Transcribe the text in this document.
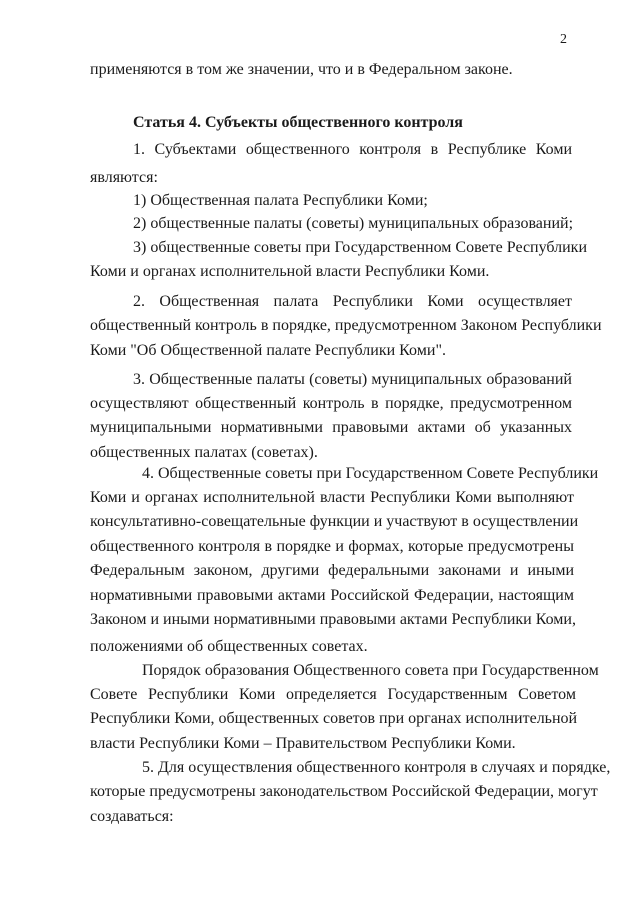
2
применяются в том же значении, что и в Федеральном законе.
Статья 4. Субъекты общественного контроля
1. Субъектами общественного контроля в Республике Коми
являются:
1) Общественная палата Республики Коми;
2) общественные палаты (советы) муниципальных образований;
3) общественные советы при Государственном Совете Республики
Коми и органах исполнительной власти Республики Коми.
2. Общественная палата Республики Коми осуществляет
общественный контроль в порядке, предусмотренном Законом Республики
Коми "Об Общественной палате Республики Коми".
3. Общественные палаты (советы) муниципальных образований
осуществляют общественный контроль в порядке, предусмотренном
муниципальными нормативными правовыми актами об указанных
общественных палатах (советах).
4. Общественные советы при Государственном Совете Республики
Коми и органах исполнительной власти Республики Коми выполняют
консультативно-совещательные функции и участвуют в осуществлении
общественного контроля в порядке и формах, которые предусмотрены
Федеральным законом, другими федеральными законами и иными
нормативными правовыми актами Российской Федерации, настоящим
Законом и иными нормативными правовыми актами Республики Коми,
положениями об общественных советах.
Порядок образования Общественного совета при Государственном
Совете Республики Коми определяется Государственным Советом
Республики Коми, общественных советов при органах исполнительной
власти Республики Коми – Правительством Республики Коми.
5. Для осуществления общественного контроля в случаях и порядке,
которые предусмотрены законодательством Российской Федерации, могут
создаваться:
